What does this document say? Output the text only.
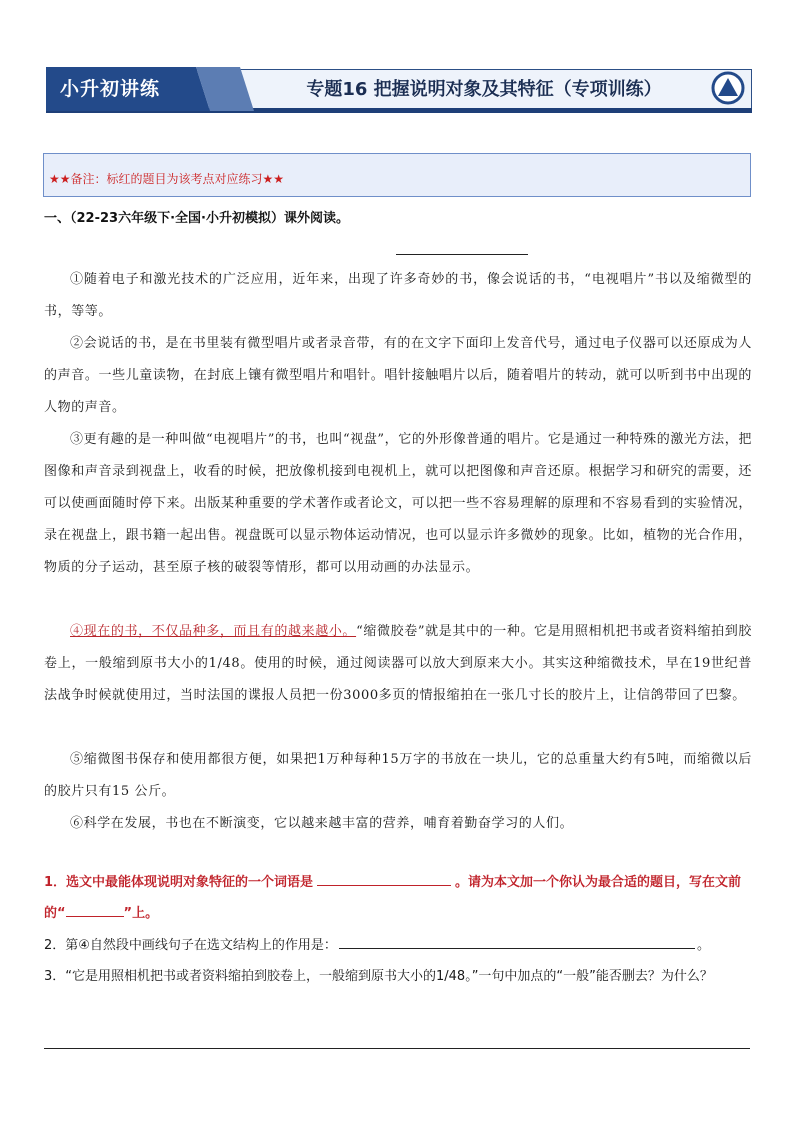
小升初讲练	专题16 把握说明对象及其特征（专项训练）
★★备注：标红的题目为该考点对应练习★★
一、（22-23六年级下·全国·小升初模拟）课外阅读。

①随着电子和激光技术的广泛应用，近年来，出现了许多奇妙的书，像会说话的书，“电视唱片”书以及缩微型的书，等等。

②会说话的书，是在书里装有微型唱片或者录音带，有的在文字下面印上发音代号，通过电子仪器可以还原成为人的声音。一些儿童读物，在封底上镶有微型唱片和唱针。唱针接触唱片以后，随着唱片的转动，就可以听到书中出现的人物的声音。

③更有趣的是一种叫做“电视唱片”的书，也叫“视盘”，它的外形像普通的唱片。它是通过一种特殊的激光方法，把图像和声音录到视盘上，收看的时候，把放像机接到电视机上，就可以把图像和声音还原。根据学习和研究的需要，还可以使画面随时停下来。出版某种重要的学术著作或者论文，可以把一些不容易理解的原理和不容易看到的实验情况，录在视盘上，跟书籍一起出售。视盘既可以显示物体运动情况，也可以显示许多微妙的现象。比如，植物的光合作用，物质的分子运动，甚至原子核的破裂等情形，都可以用动画的办法显示。

④现在的书，不仅品种多，而且有的越来越小。“缩微胶卷”就是其中的一种。它是用照相机把书或者资料缩拍到胶卷上，一般缩到原书大小的1/48。使用的时候，通过阅读器可以放大到原来大小。其实这种缩微技术，早在19世纪普法战争时候就使用过，当时法国的谍报人员把一份3000多页的情报缩拍在一张几寸长的胶片上，让信鸽带回了巴黎。

⑤缩微图书保存和使用都很方便，如果把1万种每种15万字的书放在一块儿，它的总重量大约有5吨，而缩微以后的胶片只有15 公斤。

⑥科学在发展，书也在不断演变，它以越来越丰富的营养，哺育着勤奋学习的人们。

1．选文中最能体现说明对象特征的一个词语是	。请为本文加一个你认为最合适的题目，写在文前的“	”上。

2．第④自然段中画线句子在选文结构上的作用是：	。

3．“它是用照相机把书或者资料缩拍到胶卷上，一般缩到原书大小的1/48。”一句中加点的“一般”能否删去？为什么？
